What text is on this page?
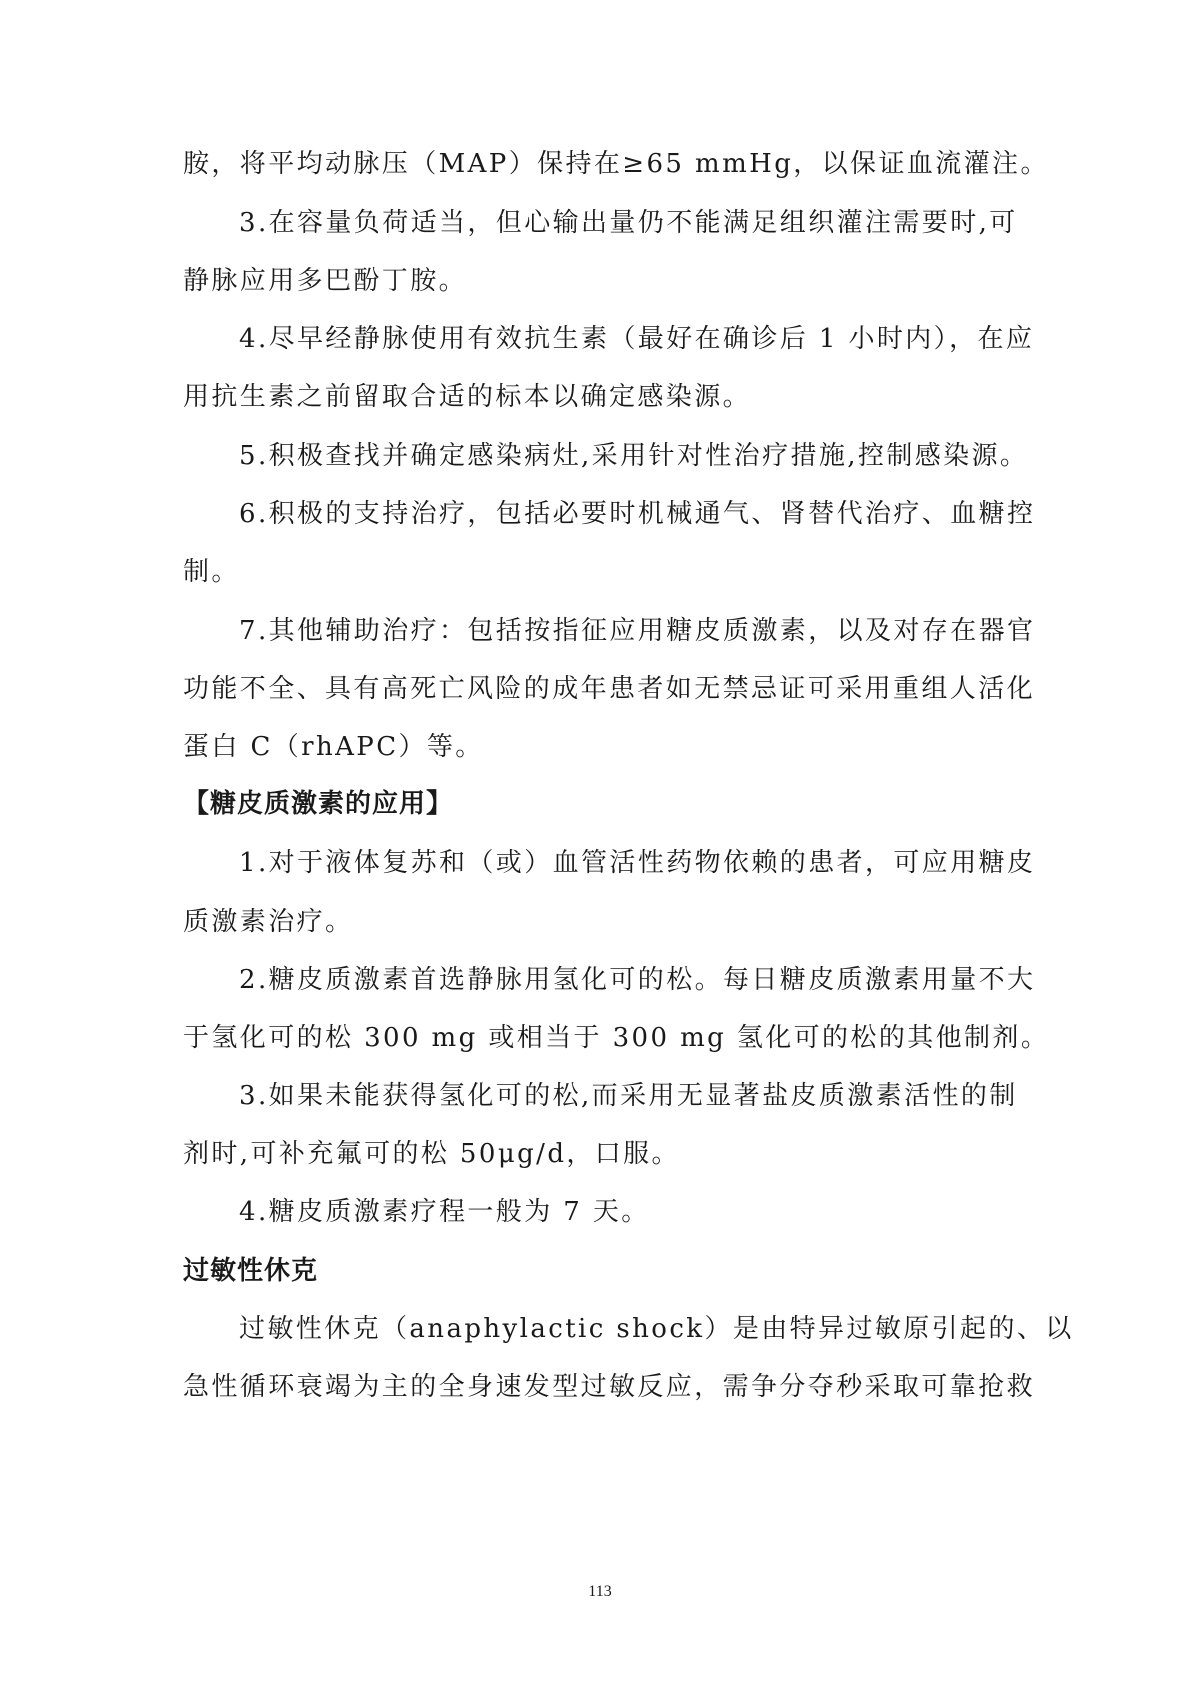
胺，将平均动脉压（MAP）保持在≥65 mmHg，以保证血流灌注。
3.在容量负荷适当，但心输出量仍不能满足组织灌注需要时,可
静脉应用多巴酚丁胺。
4.尽早经静脉使用有效抗生素（最好在确诊后 1 小时内），在应
用抗生素之前留取合适的标本以确定感染源。
5.积极查找并确定感染病灶,采用针对性治疗措施,控制感染源。
6.积极的支持治疗，包括必要时机械通气、肾替代治疗、血糖控
制。
7.其他辅助治疗：包括按指征应用糖皮质激素，以及对存在器官
功能不全、具有高死亡风险的成年患者如无禁忌证可采用重组人活化
蛋白 C（rhAPC）等。
【糖皮质激素的应用】
1.对于液体复苏和（或）血管活性药物依赖的患者，可应用糖皮
质激素治疗。
2.糖皮质激素首选静脉用氢化可的松。每日糖皮质激素用量不大
于氢化可的松 300 mg 或相当于 300 mg 氢化可的松的其他制剂。
3.如果未能获得氢化可的松,而采用无显著盐皮质激素活性的制
剂时,可补充氟可的松 50μg/d，口服。
4.糖皮质激素疗程一般为 7 天。
过敏性休克
过敏性休克（anaphylactic shock）是由特异过敏原引起的、以
急性循环衰竭为主的全身速发型过敏反应，需争分夺秒采取可靠抢救
113
